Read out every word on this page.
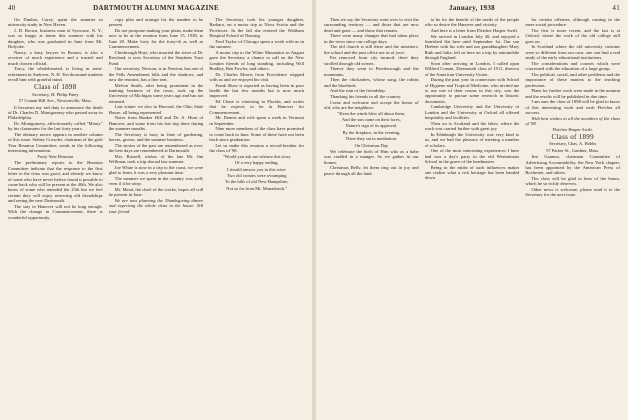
40	DARTMOUTH ALUMNI MAGAZINE

On Dunbar, Carey, spent the summer in university study in New Haven.

J. D. Brown, business man of Syracuse, N. Y., was so happy at home this summer with his daughter, who was graduated in June from Mt. Holyoke.

Nancy, a busy lawyer in Boston, is also a receiver of much experience and a trusted and much chosen official.

Tracy, the wholehearted, is living in semi-retirement in Andover, N. H. Ten thousand students recall him with grateful mind.

Class of 1898

Secretary, H. Philip Patey

57 Conant Hill Ave., Newtonville, Mass.

It becomes my sad duty to announce the death of Dr. Charles D. Montgomery who passed away in Philadelphia.

Dr. Montgomery, affectionately called "Monty" by his classmates for the last forty years.

The obituary notice appears in another column of this issue. Sidney Crowder, chairman of the goth Year Reunion Committee, sends in the following interesting information.

Forty-Year Reunion

The preliminary reports to the Reunion Committee indicate that the response to the first letter to the class was good, and already we know of some who have never before found it possible to come back who will be present at the 40th. We also know of some who attended the 25th but we feel certain they will enjoy renewing old friendships and seeing the new Dartmouth.

The stay in Hanover will not be long enough. With the change in Commencement, there is wonderful opportunity.

copy plan and arrange for the number to be present.

Do not postpone making your plans, make them now to be at the reunion from June 15, 1938, to June 20. Make forty for the forty-th as well as Commencement.

Chesbrough Hoyt, who married the sister of Dr. Rowland, is now Secretary of the Stephens Trust Fund.

Our secretary, Newton, is in Newton, has one of the Fells Amendment bills and the shadows, and now the reunion, has a fine seat.

Melvin Smith, after being prominent in the banking business of the town, took up the University of Michigan some years ago and has not returned.

Last winter we also in Harvard, the Ohio State House, all being represented.

Notes from Bunker Hill and Dr. A. Hunt of Hanover, and some from his last trip there during the summer months.

The Secretary is busy in June of gardening, horses, grown, and the summer business.

The stories of the past are remembered as ever; the best days are remembered at Dartmouth.

Mrs. Russell, widow of the late Mr. Jim Wellman, took a trip abroad last summer.

Joe White is now in a trip to the coast, we were glad to learn, it was a very pleasant time.

The summer we spent in the country was well; even if it be rainy.

Mr. Mead, the chief of the works, hopes all will be present in June.

We are now planning the Thanksgiving dinner and expecting the whole class in the house. Tell your friend.

The Secretary took his younger daughter, Barbara, on a motor trip to Nova Scotia and the Provinces. In the fall she entered the Waltham Hospital School of Nursing.

Fred Taylor of Chicago spent a week with us in the summer.

A motor trip to the White Mountains in August gave the Secretary a chance to call on the New London friends of long standing, including Will Bradley, Ben Fowler, and others.

Dr. Charles Morris from Providence stopped with us and we enjoyed his visit.

Frank Shaw is reported as having been in poor health the last few months but is now much improved.

Ed Chase is wintering in Florida, and writes that he expects to be in Hanover for Commencement.

Mr. Dennis and wife spent a week in Vermont in September.

Nine more members of the class have promised to come back in June. Some of these have not been back since graduation.

Let us make this reunion a record-breaker for the class of '98.

"Would you ask me whence this story

Of a very happy ending,

I should answer you in this wise:

Two old cronies were a-tramping

To the hills of old New Hampshire,

Not so far from Mt. Monadnock."

January, 1938	41

Then we say the Secretary went over to visit the surrounding territory — and those that are now dead and gone — and those that remain.

There were many changes that had taken place in the town since our college days.

The old church is still there and the ministers, the school and the post office are as of yore.

Far removed from city turmoil, there they strolled through old scenes.

Thence they went to Peterborough and the mountains.

Then the chickadees, whose song, the robins and the bluebirds.

And the ruin of the friendship.

Thanking his friends in all the country.

Come and welcome and accept the honor of old, who are the neighbors.

"Keen the winds blew all about them,

And the sun came on their faces,

Nature's sign of its approval.

By the fireplace, in the evening,

There they sat in meditation.

On Christmas Day

We celebrate the birth of Him who as a babe was cradled in a manger. So we gather in our homes.

Christmas Bells: let them ring out in joy and peace through all the land.

to be for the benefit of the needs of the people who so desire the Hanover and vicinity.

And here is a letter from Fletcher Harper Swift.

We arrived in London July 20, and enjoyed a furnished flat here until September 1st. Our son Herbert with his wife and our granddaughter Mary Ruth and Julia, left us here on a trip by automobile through England.

Soon after arriving in London, I called upon Wilfred Conant, Dartmouth class of 1911, director of the American University Union.

During the past year in connection with School of Hygiene and Tropical Medicine, who invited me to use one of their rooms in this city, was the opportunity to pursue some research in historic documents.

Cambridge University and the University of London and the University at Oxford all offered hospitality and facilities.

Then on to Scotland and the lakes, where the work was carried further with great joy.

In Edinburgh the University was very kind to us, and we had the pleasure of meeting a number of scholars.

One of the most interesting experiences I have had was a day's party in the old Westminster School in the grave of the headmaster.

Being in the midst of such influences makes one realize what a rich heritage has been handed down.

for certain offenses, although coming in the mere social procedure.

The first is more recent, and the last is at Oxford, where the work of the old college still goes on.

In Scotland where the old university customs were so different from our own, one can find a real study of the early educational institutions.

The considerations and courses which were concerned with the education of a large group.

The political, social, and other problems and the importance of these matters to the teaching profession.

Plans for further work were made in the autumn and the results will be published in due time.

I am sure the class of 1898 will be glad to know of this interesting work and wish Fletcher all success.

With best wishes to all the members of the class of '98.

Fletcher Harper Swift.

Class of 1899

Secretary, Chas. A. Hobbs

57 Parker St., Gardner, Mass.

Jim Gannon, chairman Committee of Advertising Accountability, the New York chapter, has been appointed by the American Press of Rochester, and others.

The class will be glad to hear of the honor, which he so richly deserves.

Other news is welcome; please send it to the Secretary for the next issue.
